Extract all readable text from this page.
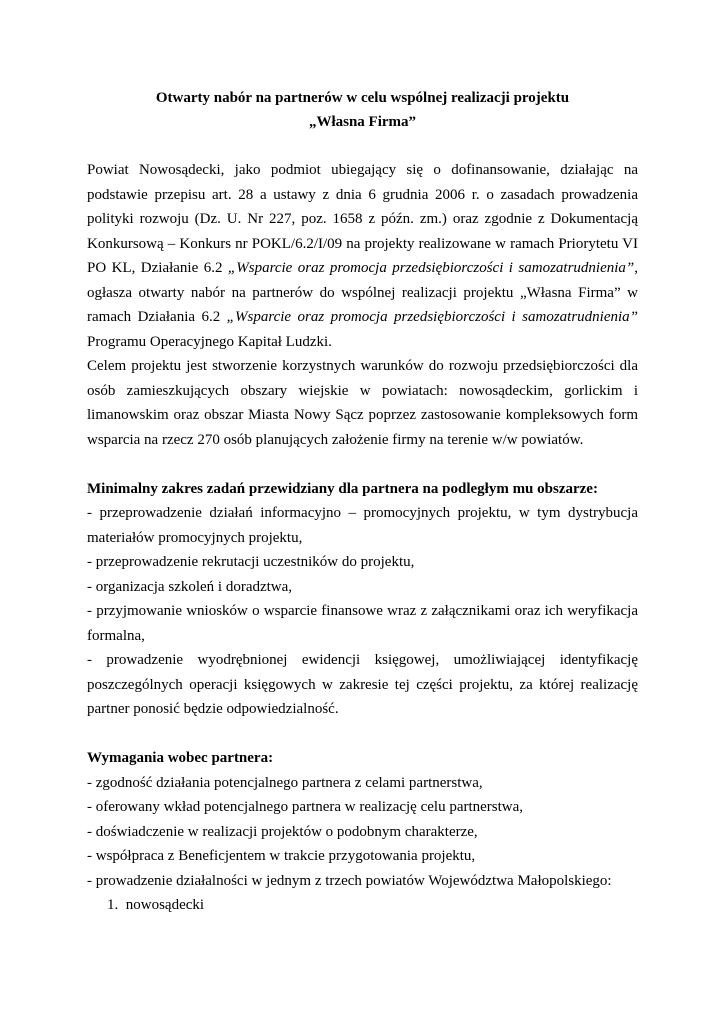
Otwarty nabór na partnerów w celu wspólnej realizacji projektu

„Własna Firma”

Powiat Nowosądecki, jako podmiot ubiegający się o dofinansowanie, działając na podstawie przepisu art. 28 a ustawy z dnia 6 grudnia 2006 r. o zasadach prowadzenia polityki rozwoju (Dz. U. Nr 227, poz. 1658 z późn. zm.) oraz zgodnie z Dokumentacją Konkursową – Konkurs nr POKL/6.2/I/09 na projekty realizowane w ramach Priorytetu VI PO KL, Działanie 6.2 „Wsparcie oraz promocja przedsiębiorczości i samozatrudnienia”, ogłasza otwarty nabór na partnerów do wspólnej realizacji projektu „Własna Firma” w ramach Działania 6.2 „Wsparcie oraz promocja przedsiębiorczości i samozatrudnienia” Programu Operacyjnego Kapitał Ludzki.

Celem projektu jest stworzenie korzystnych warunków do rozwoju przedsiębiorczości dla osób zamieszkujących obszary wiejskie w powiatach: nowosądeckim, gorlickim i limanowskim oraz obszar Miasta Nowy Sącz poprzez zastosowanie kompleksowych form wsparcia na rzecz 270 osób planujących założenie firmy na terenie w/w powiatów.

Minimalny zakres zadań przewidziany dla partnera na podległym mu obszarze:

- przeprowadzenie działań informacyjno – promocyjnych projektu, w tym dystrybucja materiałów promocyjnych projektu,

- przeprowadzenie rekrutacji uczestników do projektu,

- organizacja szkoleń i doradztwa,

- przyjmowanie wniosków o wsparcie finansowe wraz z załącznikami oraz ich weryfikacja formalna,

- prowadzenie wyodrębnionej ewidencji księgowej, umożliwiającej identyfikację poszczególnych operacji księgowych w zakresie tej części projektu, za której realizację partner ponosić będzie odpowiedzialność.

Wymagania wobec partnera:

- zgodność działania potencjalnego partnera z celami partnerstwa,

- oferowany wkład potencjalnego partnera w realizację celu partnerstwa,

- doświadczenie w realizacji projektów o podobnym charakterze,

- współpraca z Beneficjentem w trakcie przygotowania projektu,

- prowadzenie działalności w jednym z trzech powiatów Województwa Małopolskiego:

1. nowosądecki
